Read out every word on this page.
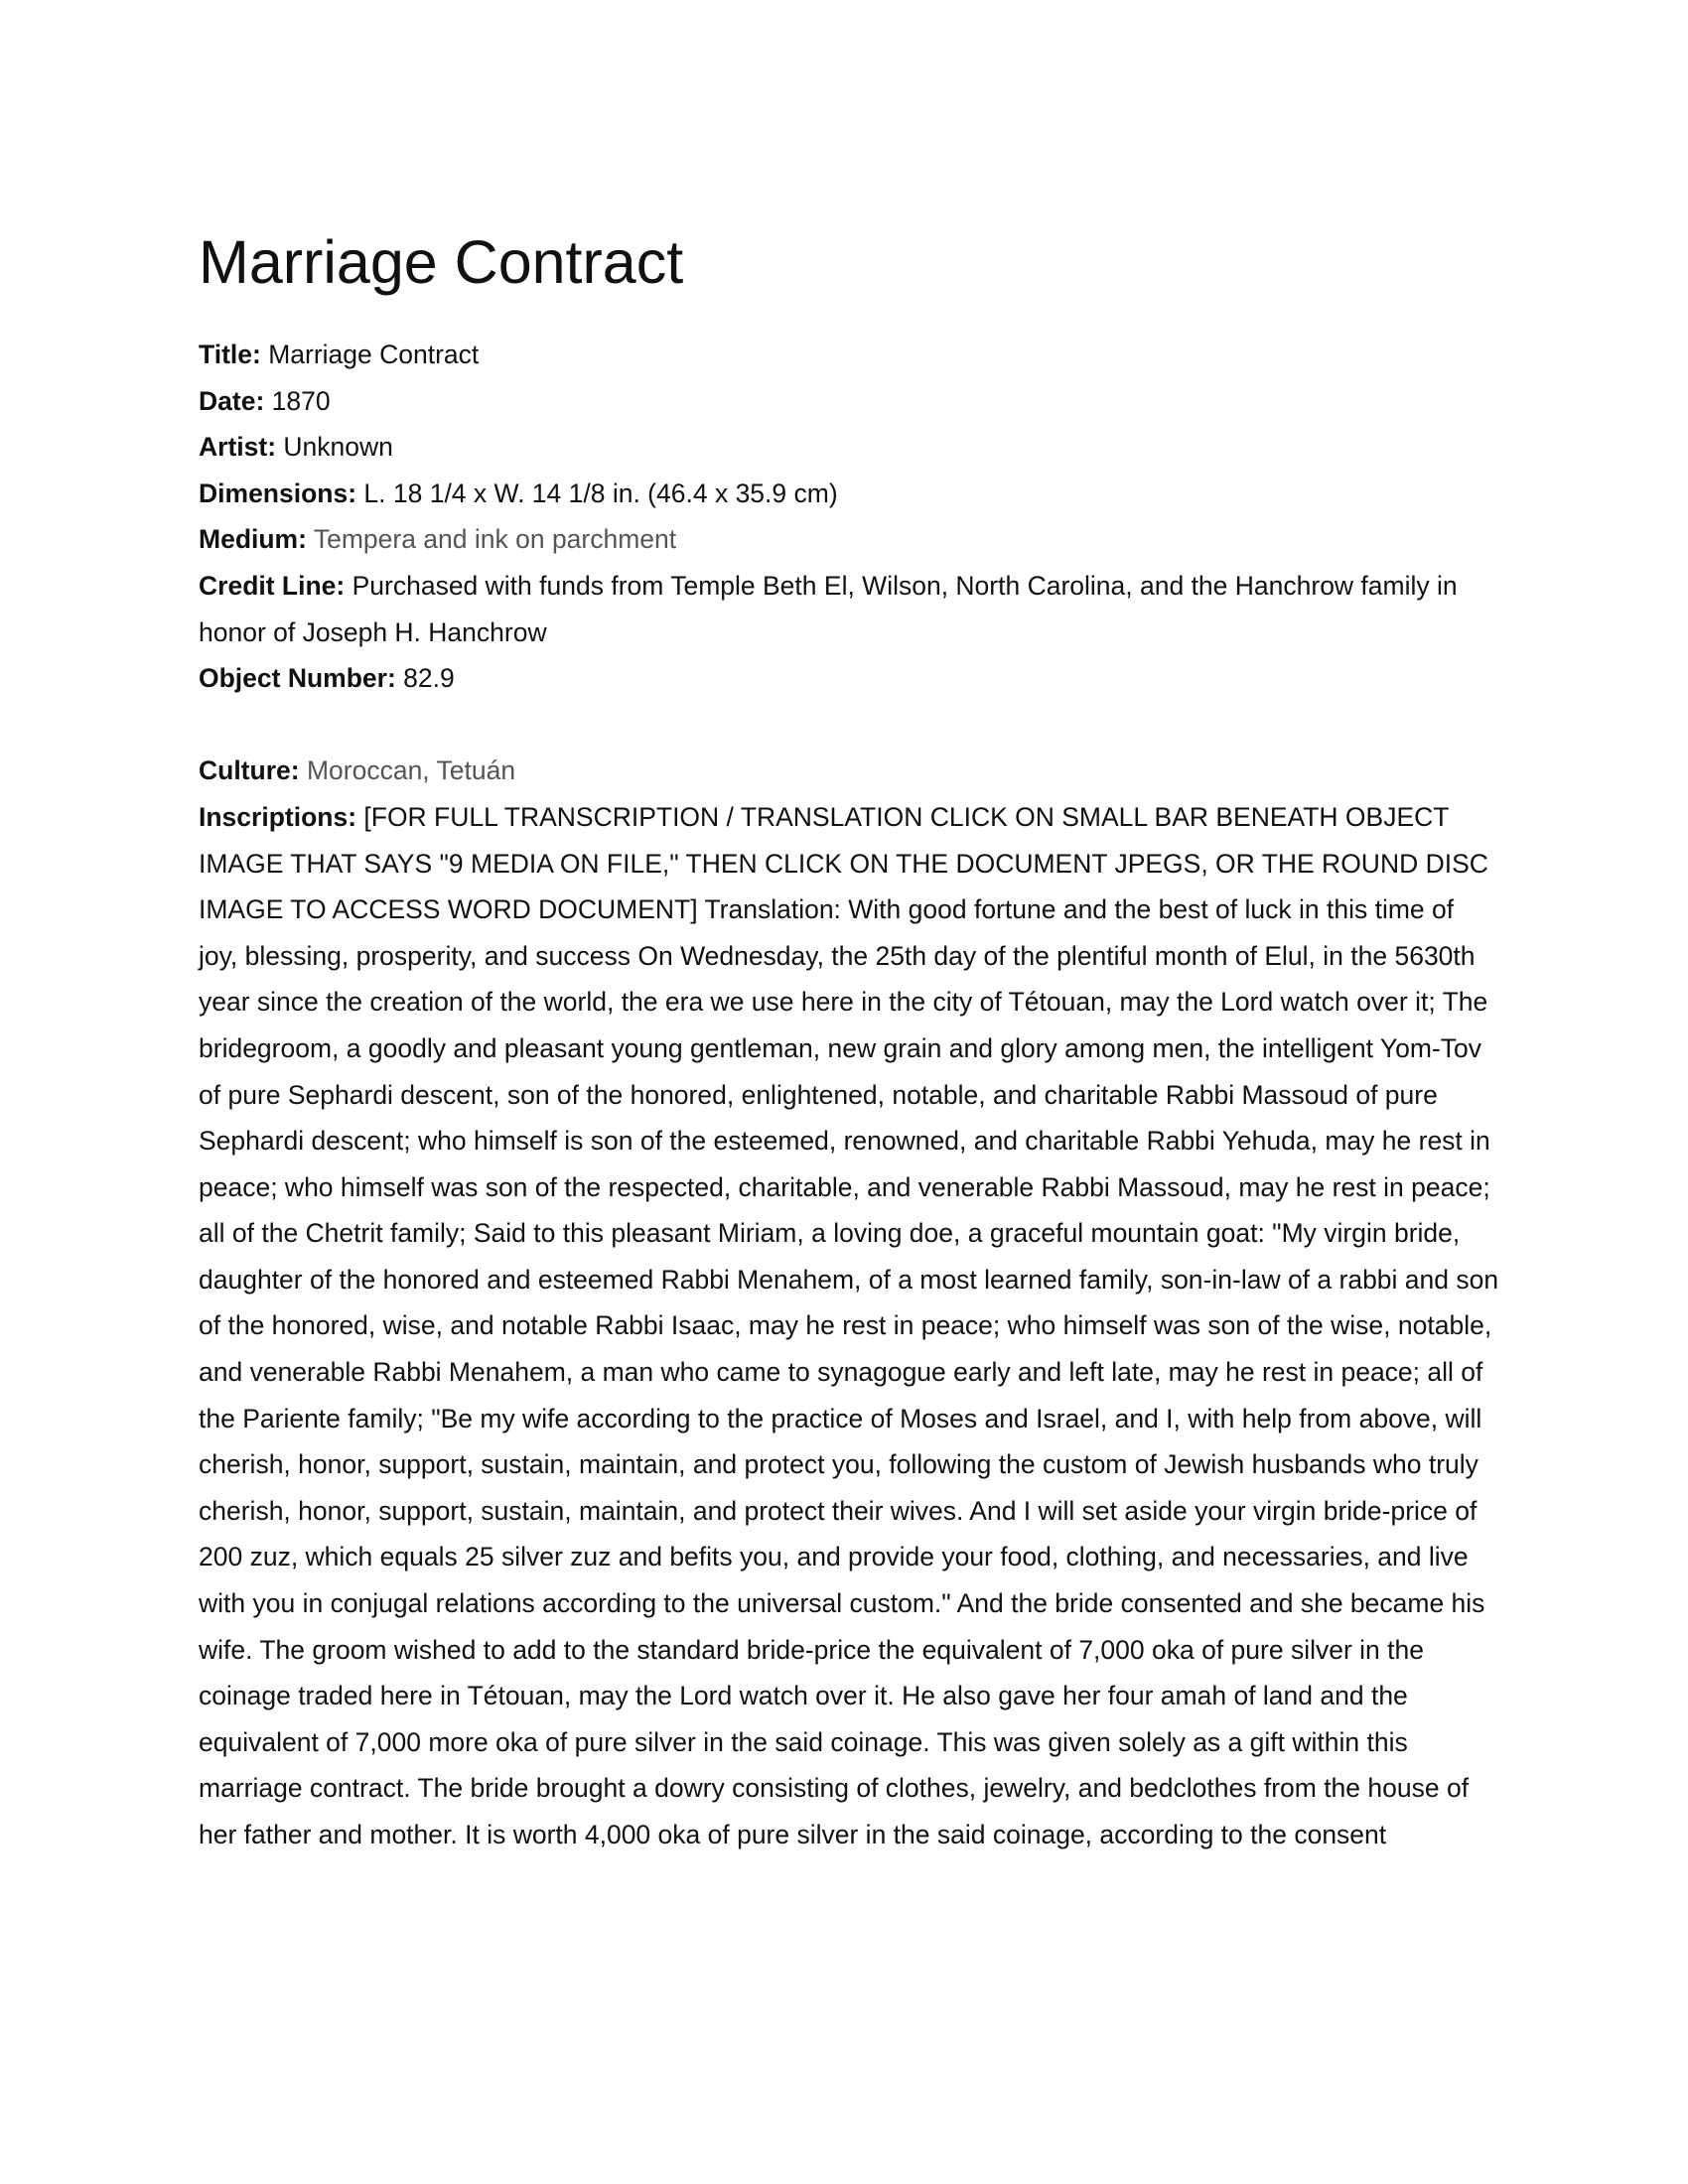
Marriage Contract

Title: Marriage Contract

Date: 1870

Artist: Unknown

Dimensions: L. 18 1/4 x W. 14 1/8 in. (46.4 x 35.9 cm)

Medium: Tempera and ink on parchment

Credit Line: Purchased with funds from Temple Beth El, Wilson, North Carolina, and the Hanchrow family in honor of Joseph H. Hanchrow

Object Number: 82.9

Culture: Moroccan, Tetuán

Inscriptions: [FOR FULL TRANSCRIPTION / TRANSLATION CLICK ON SMALL BAR BENEATH OBJECT IMAGE THAT SAYS "9 MEDIA ON FILE," THEN CLICK ON THE DOCUMENT JPEGS, OR THE ROUND DISC IMAGE TO ACCESS WORD DOCUMENT] Translation: With good fortune and the best of luck in this time of joy, blessing, prosperity, and success On Wednesday, the 25th day of the plentiful month of Elul, in the 5630th year since the creation of the world, the era we use here in the city of Tétouan, may the Lord watch over it; The bridegroom, a goodly and pleasant young gentleman, new grain and glory among men, the intelligent Yom-Tov of pure Sephardi descent, son of the honored, enlightened, notable, and charitable Rabbi Massoud of pure Sephardi descent; who himself is son of the esteemed, renowned, and charitable Rabbi Yehuda, may he rest in peace; who himself was son of the respected, charitable, and venerable Rabbi Massoud, may he rest in peace; all of the Chetrit family; Said to this pleasant Miriam, a loving doe, a graceful mountain goat: "My virgin bride, daughter of the honored and esteemed Rabbi Menahem, of a most learned family, son-in-law of a rabbi and son of the honored, wise, and notable Rabbi Isaac, may he rest in peace; who himself was son of the wise, notable, and venerable Rabbi Menahem, a man who came to synagogue early and left late, may he rest in peace; all of the Pariente family; "Be my wife according to the practice of Moses and Israel, and I, with help from above, will cherish, honor, support, sustain, maintain, and protect you, following the custom of Jewish husbands who truly cherish, honor, support, sustain, maintain, and protect their wives. And I will set aside your virgin bride-price of 200 zuz, which equals 25 silver zuz and befits you, and provide your food, clothing, and necessaries, and live with you in conjugal relations according to the universal custom." And the bride consented and she became his wife. The groom wished to add to the standard bride-price the equivalent of 7,000 oka of pure silver in the coinage traded here in Tétouan, may the Lord watch over it. He also gave her four amah of land and the equivalent of 7,000 more oka of pure silver in the said coinage. This was given solely as a gift within this marriage contract. The bride brought a dowry consisting of clothes, jewelry, and bedclothes from the house of her father and mother. It is worth 4,000 oka of pure silver in the said coinage, according to the consent
